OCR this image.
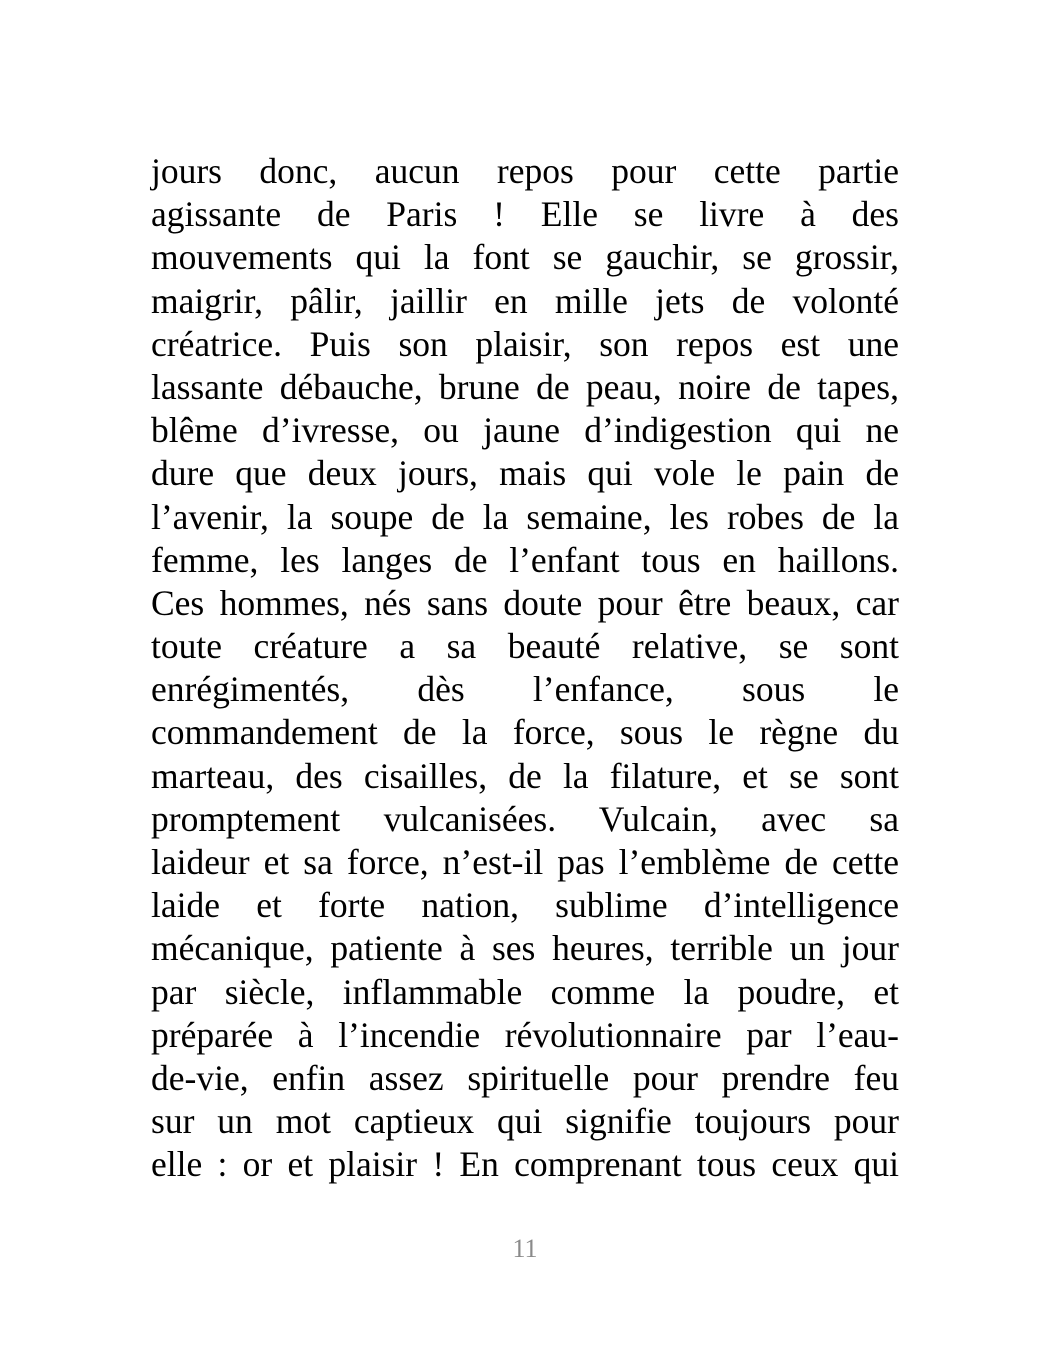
jours donc, aucun repos pour cette partie
agissante de Paris ! Elle se livre à des
mouvements qui la font se gauchir, se grossir,
maigrir, pâlir, jaillir en mille jets de volonté
créatrice. Puis son plaisir, son repos est une
lassante débauche, brune de peau, noire de tapes,
blême d’ivresse, ou jaune d’indigestion qui ne
dure que deux jours, mais qui vole le pain de
l’avenir, la soupe de la semaine, les robes de la
femme, les langes de l’enfant tous en haillons.
Ces hommes, nés sans doute pour être beaux, car
toute créature a sa beauté relative, se sont
enrégimentés, dès l’enfance, sous le
commandement de la force, sous le règne du
marteau, des cisailles, de la filature, et se sont
promptement vulcanisées. Vulcain, avec sa
laideur et sa force, n’est-il pas l’emblème de cette
laide et forte nation, sublime d’intelligence
mécanique, patiente à ses heures, terrible un jour
par siècle, inflammable comme la poudre, et
préparée à l’incendie révolutionnaire par l’eau-
de-vie, enfin assez spirituelle pour prendre feu
sur un mot captieux qui signifie toujours pour
elle : or et plaisir ! En comprenant tous ceux qui
11
